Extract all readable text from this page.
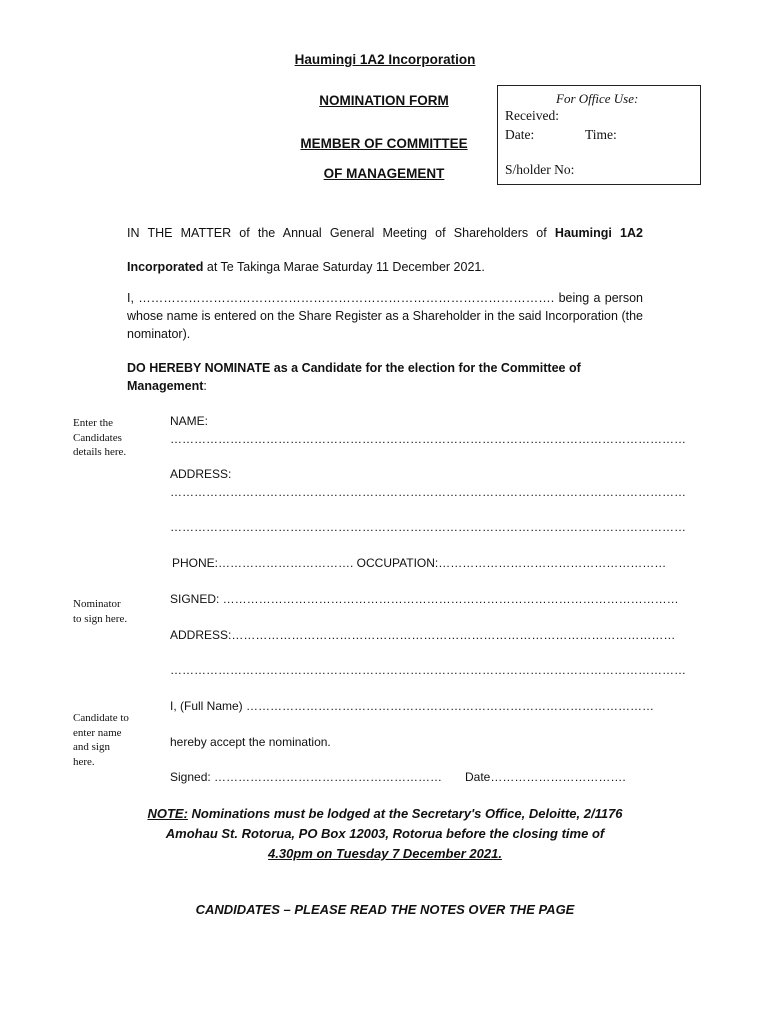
Haumingi 1A2 Incorporation
NOMINATION FORM
MEMBER OF COMMITTEE
OF MANAGEMENT
For Office Use:
Received:
Date:	Time:
S/holder No:
IN THE MATTER of the Annual General Meeting of Shareholders of Haumingi 1A2 Incorporated at Te Takinga Marae Saturday 11 December 2021.
I, ………………………………………………………………………………………. being a person whose name is entered on the Share Register as a Shareholder in the said Incorporation (the nominator).
DO HEREBY NOMINATE as a Candidate for the election for the Committee of Management:
Enter the
Candidates
details here.
Nominator
to sign here.
Candidate to
enter name
and sign
here.
NAME:
…………………………………………………………………………………………………………………
ADDRESS:
…………………………………………………………………………………………………………………
…………………………………………………………………………………………………………………
PHONE:……………………………. OCCUPATION:…………………………………………………
SIGNED: ……………………………………………………………………………………………………
ADDRESS:…………………………………………………………………………………………………
…………………………………………………………………………………………………………………
I, (Full Name) …………………………………………………………………………………………
hereby accept the nomination.
Signed: ………………………………………………… Date…………………………….
NOTE: Nominations must be lodged at the Secretary's Office, Deloitte, 2/1176
Amohau St. Rotorua, PO Box 12003, Rotorua before the closing time of
4.30pm on Tuesday 7 December 2021.
CANDIDATES – PLEASE READ THE NOTES OVER THE PAGE
